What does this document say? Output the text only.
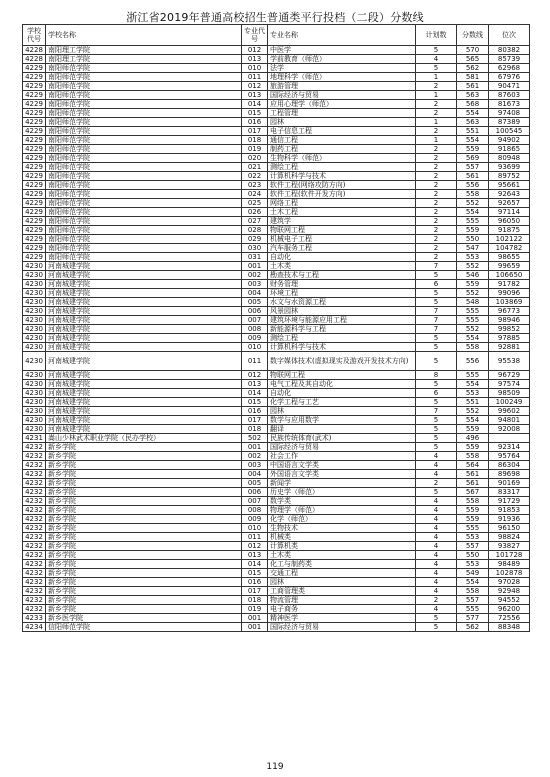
浙江省2019年普通高校招生普通类平行投档（二段）分数线
学校代号	学校名称	专业代号	专业名称	计划数	分数线	位次
4228	南阳理工学院	012	中医学	5	570	80382
4228	南阳理工学院	013	学前教育（师范）	4	565	85739
4229	南阳师范学院	010	法学	5	562	62968
4229	南阳师范学院	011	地理科学（师范）	1	581	67976
4229	南阳师范学院	012	旅游管理	2	561	90471
4229	南阳师范学院	013	国际经济与贸易	1	563	87603
4229	南阳师范学院	014	应用心理学（师范）	2	568	81673
4229	南阳师范学院	015	工程管理	2	554	97408
4229	南阳师范学院	016	园林	1	563	87389
4229	南阳师范学院	017	电子信息工程	2	551	100545
4229	南阳师范学院	018	通信工程	1	554	94902
4229	南阳师范学院	019	制药工程	2	559	91865
4229	南阳师范学院	020	生物科学（师范）	2	569	80948
4229	南阳师范学院	021	测绘工程	2	557	93699
4229	南阳师范学院	022	计算机科学与技术	2	561	89752
4229	南阳师范学院	023	软件工程(网络攻防方向)	2	556	95661
4229	南阳师范学院	024	软件工程(软件开发方向)	2	558	92643
4229	南阳师范学院	025	网络工程	2	552	92657
4229	南阳师范学院	026	土木工程	2	554	97114
4229	南阳师范学院	027	建筑学	2	555	96050
4229	南阳师范学院	028	物联网工程	2	559	91875
4229	南阳师范学院	029	机械电子工程	2	550	102122
4229	南阳师范学院	030	汽车服务工程	2	547	104782
4229	南阳师范学院	031	自动化	2	553	98655
4230	河南城建学院	001	土木类	7	552	99659
4230	河南城建学院	002	勘查技术与工程	5	546	106650
4230	河南城建学院	003	财务管理	6	559	91782
4230	河南城建学院	004	环境工程	5	552	99096
4230	河南城建学院	005	水文与水资源工程	5	548	103869
4230	河南城建学院	006	风景园林	7	555	96773
4230	河南城建学院	007	建筑环境与能源应用工程	7	555	98946
4230	河南城建学院	008	新能源科学与工程	7	552	99852
4230	河南城建学院	009	测绘工程	5	554	97885
4230	河南城建学院	010	计算机科学与技术	5	558	92881
4230	河南城建学院	011	数字媒体技术(虚拟现实及游戏开发技术方向)	5	556	95538
4230	河南城建学院	012	物联网工程	8	555	96729
4230	河南城建学院	013	电气工程及其自动化	5	554	97574
4230	河南城建学院	014	自动化	6	553	98509
4230	河南城建学院	015	化学工程与工艺	5	551	100249
4230	河南城建学院	016	园林	7	552	99602
4230	河南城建学院	017	数学与应用数学	5	554	94801
4230	河南城建学院	018	翻译	5	559	92008
4231	嵩山少林武术职业学院（民办学校）	502	民族传统体育(武术)	5	496	
4232	新乡学院	001	国际经济与贸易	5	559	92314
4232	新乡学院	002	社会工作	4	558	95764
4232	新乡学院	003	中国语言文学类	4	564	86304
4232	新乡学院	004	外国语言文学类	4	561	89698
4232	新乡学院	005	新闻学	2	561	90169
4232	新乡学院	006	历史学（师范）	5	567	83317
4232	新乡学院	007	数学类	4	558	91729
4232	新乡学院	008	物理学（师范）	4	559	91853
4232	新乡学院	009	化学（师范）	4	559	91936
4232	新乡学院	010	生物技术	4	555	96150
4232	新乡学院	011	机械类	4	553	98824
4232	新乡学院	012	计算机类	4	557	93827
4232	新乡学院	013	土木类	4	550	101728
4232	新乡学院	014	化工与制药类	4	553	98489
4232	新乡学院	015	交通工程	4	549	102878
4232	新乡学院	016	园林	4	554	97028
4232	新乡学院	017	工商管理类	4	558	92948
4232	新乡学院	018	物流管理	2	557	94552
4232	新乡学院	019	电子商务	4	555	96200
4233	新乡医学院	001	精神医学	5	577	72556
4234	信阳师范学院	001	国际经济与贸易	5	562	88348
119
